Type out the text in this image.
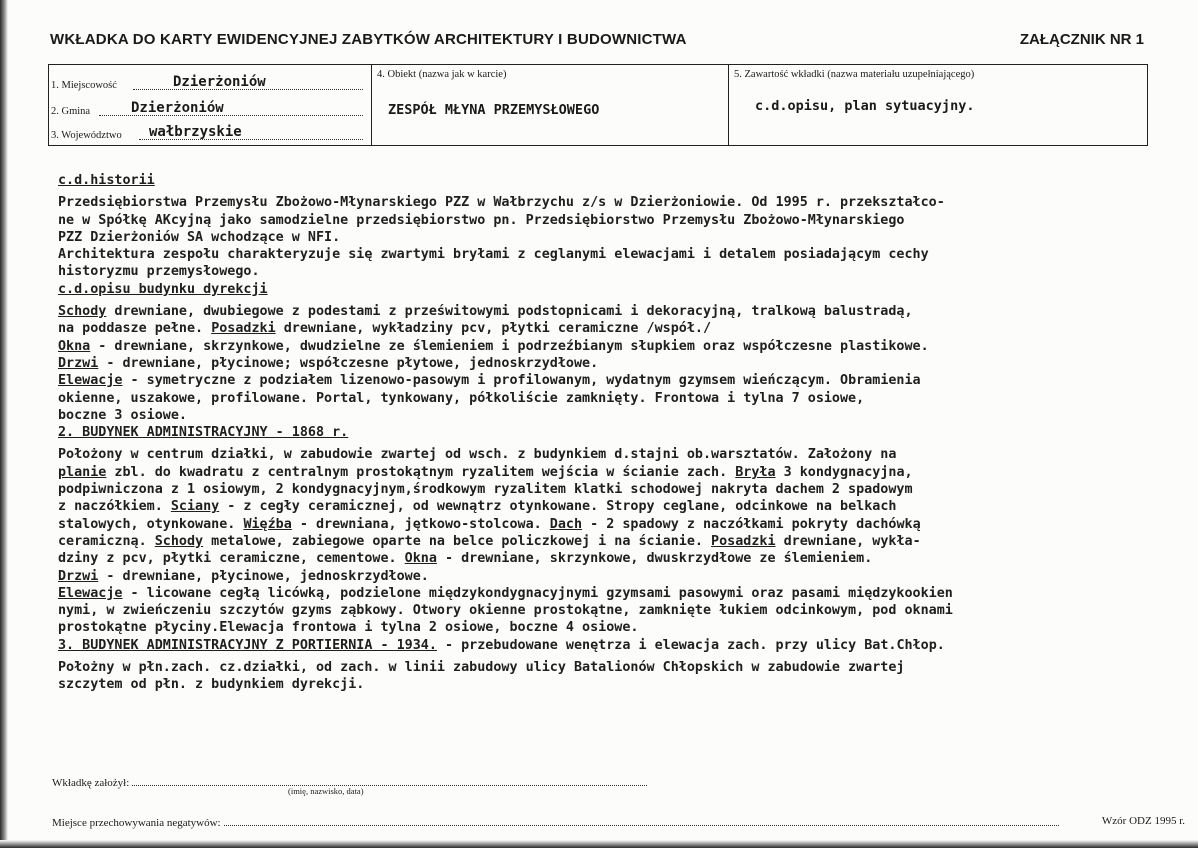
WKŁADKA DO KARTY EWIDENCYJNEJ ZABYTKÓW ARCHITEKTURY I BUDOWNICTWA	ZAŁĄCZNIK NR 1
1. Miejscowość	Dzierżoniów
2. Gmina	Dzierżoniów
3. Województwo wałbrzyskie
4. Obiekt (nazwa jak w karcie)
ZESPÓŁ MŁYNA PRZEMYSŁOWEGO
5. Zawartość wkładki (nazwa materiału uzupełniającego)
c.d.opisu, plan sytuacyjny.

c.d.historii

Przedsiębiorstwa Przemysłu Zbożowo-Młynarskiego PZZ w Wałbrzychu z/s w Dzierżoniowie. Od 1995 r. przekształco-

ne w Spółkę AKcyjną jako samodzielne przedsiębiorstwo pn. Przedsiębiorstwo Przemysłu Zbożowo-Młynarskiego

PZZ Dzierżoniów SA wchodzące w NFI.

Architektura zespołu charakteryzuje się zwartymi bryłami z ceglanymi elewacjami i detalem posiadającym cechy

historyzmu przemysłowego.

c.d.opisu budynku dyrekcji

Schody drewniane, dwubiegowe z podestami z prześwitowymi podstopnicami i dekoracyjną, tralkową balustradą,

na poddasze pełne. Posadzki drewniane, wykładziny pcv, płytki ceramiczne /współ./

Okna - drewniane, skrzynkowe, dwudzielne ze ślemieniem i podrzeźbianym słupkiem oraz współczesne plastikowe.

Drzwi - drewniane, płycinowe; współczesne płytowe, jednoskrzydłowe.

Elewacje - symetryczne z podziałem lizenowo-pasowym i profilowanym, wydatnym gzymsem wieńczącym. Obramienia

okienne, uszakowe, profilowane. Portal, tynkowany, półkoliście zamknięty. Frontowa i tylna 7 osiowe,

boczne 3 osiowe.

2. BUDYNEK ADMINISTRACYJNY - 1868 r.

Położony w centrum działki, w zabudowie zwartej od wsch. z budynkiem d.stajni ob.warsztatów. Założony na

planie zbl. do kwadratu z centralnym prostokątnym ryzalitem wejścia w ścianie zach. Bryła 3 kondygnacyjna,

podpiwniczona z 1 osiowym, 2 kondygnacyjnym,środkowym ryzalitem klatki schodowej nakryta dachem 2 spadowym

z naczółkiem. Sciany - z cegły ceramicznej, od wewnątrz otynkowane. Stropy ceglane, odcinkowe na belkach

stalowych, otynkowane. Więźba - drewniana, jętkowo-stolcowa. Dach - 2 spadowy z naczółkami pokryty dachówką

ceramiczną. Schody metalowe, zabiegowe oparte na belce policzkowej i na ścianie. Posadzki drewniane, wykła-

dziny z pcv, płytki ceramiczne, cementowe. Okna - drewniane, skrzynkowe, dwuskrzydłowe ze ślemieniem.

Drzwi - drewniane, płycinowe, jednoskrzydłowe.

Elewacje - licowane cegłą licówką, podzielone międzykondygnacyjnymi gzymsami pasowymi oraz pasami międzykookien

nymi, w zwieńczeniu szczytów gzyms ząbkowy. Otwory okienne prostokątne, zamknięte łukiem odcinkowym, pod oknami

prostokątne płyciny.Elewacja frontowa i tylna 2 osiowe, boczne 4 osiowe.

3. BUDYNEK ADMINISTRACYJNY Z PORTIERNIA - 1934. - przebudowane wenętrza i elewacja zach. przy ulicy Bat.Chłop.

Położny w płn.zach. cz.działki, od zach. w linii zabudowy ulicy Batalionów Chłopskich w zabudowie zwartej

szczytem od płn. z budynkiem dyrekcji.

Wkładkę założył:
(imię, nazwisko, data)
Miejsce przechowywania negatywów:	Wzór ODZ 1995 r.
